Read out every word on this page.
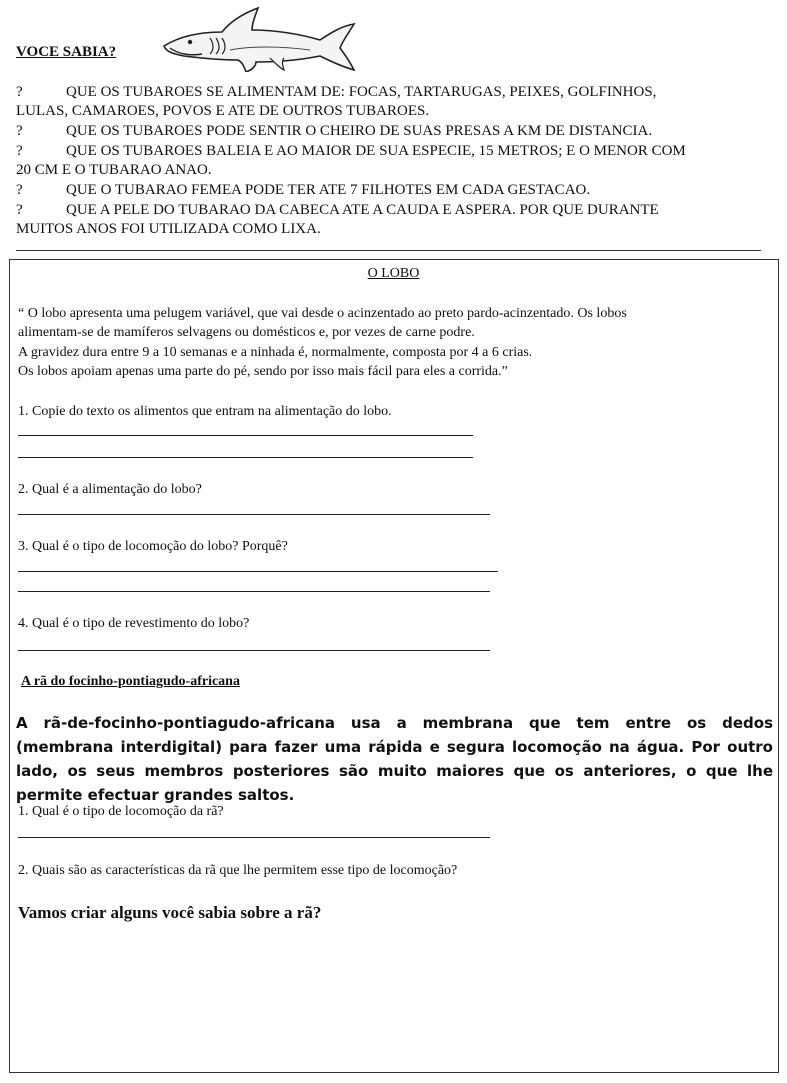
VOCE SABIA?
?	QUE OS TUBAROES SE ALIMENTAM DE: FOCAS, TARTARUGAS, PEIXES, GOLFINHOS,
LULAS, CAMAROES, POVOS E ATE DE OUTROS TUBAROES.
?	QUE OS TUBAROES PODE SENTIR O CHEIRO DE SUAS PRESAS A KM DE DISTANCIA.
?	QUE OS TUBAROES BALEIA E AO MAIOR DE SUA ESPECIE, 15 METROS; E O MENOR COM
20 CM E O TUBARAO ANAO.
?	QUE O TUBARAO FEMEA PODE TER ATE 7 FILHOTES EM CADA GESTACAO.
?	QUE A PELE DO TUBARAO DA CABECA ATE A CAUDA E ASPERA. POR QUE DURANTE
MUITOS ANOS FOI UTILIZADA COMO LIXA.
O LOBO
“ O lobo apresenta uma pelugem variável, que vai desde o acinzentado ao preto pardo-acinzentado. Os lobos
alimentam-se de mamíferos selvagens ou domésticos e, por vezes de carne podre.
A gravidez dura entre 9 a 10 semanas e a ninhada é, normalmente, composta por 4 a 6 crias.
Os lobos apoiam apenas uma parte do pé, sendo por isso mais fácil para eles a corrida.”
1. Copie do texto os alimentos que entram na alimentação do lobo.
2. Qual é a alimentação do lobo?
3. Qual é o tipo de locomoção do lobo? Porquê?
4. Qual é o tipo de revestimento do lobo?
A rã do focinho-pontiagudo-africana
A rã-de-focinho-pontiagudo-africana usa a membrana que tem entre os dedos (membrana interdigital) para fazer uma rápida e segura locomoção na água. Por outro lado, os seus membros posteriores são muito maiores que os anteriores, o que lhe permite efectuar grandes saltos.
1. Qual é o tipo de locomoção da rã?
2. Quais são as características da rã que lhe permitem esse tipo de locomoção?
Vamos criar alguns você sabia sobre a rã?
